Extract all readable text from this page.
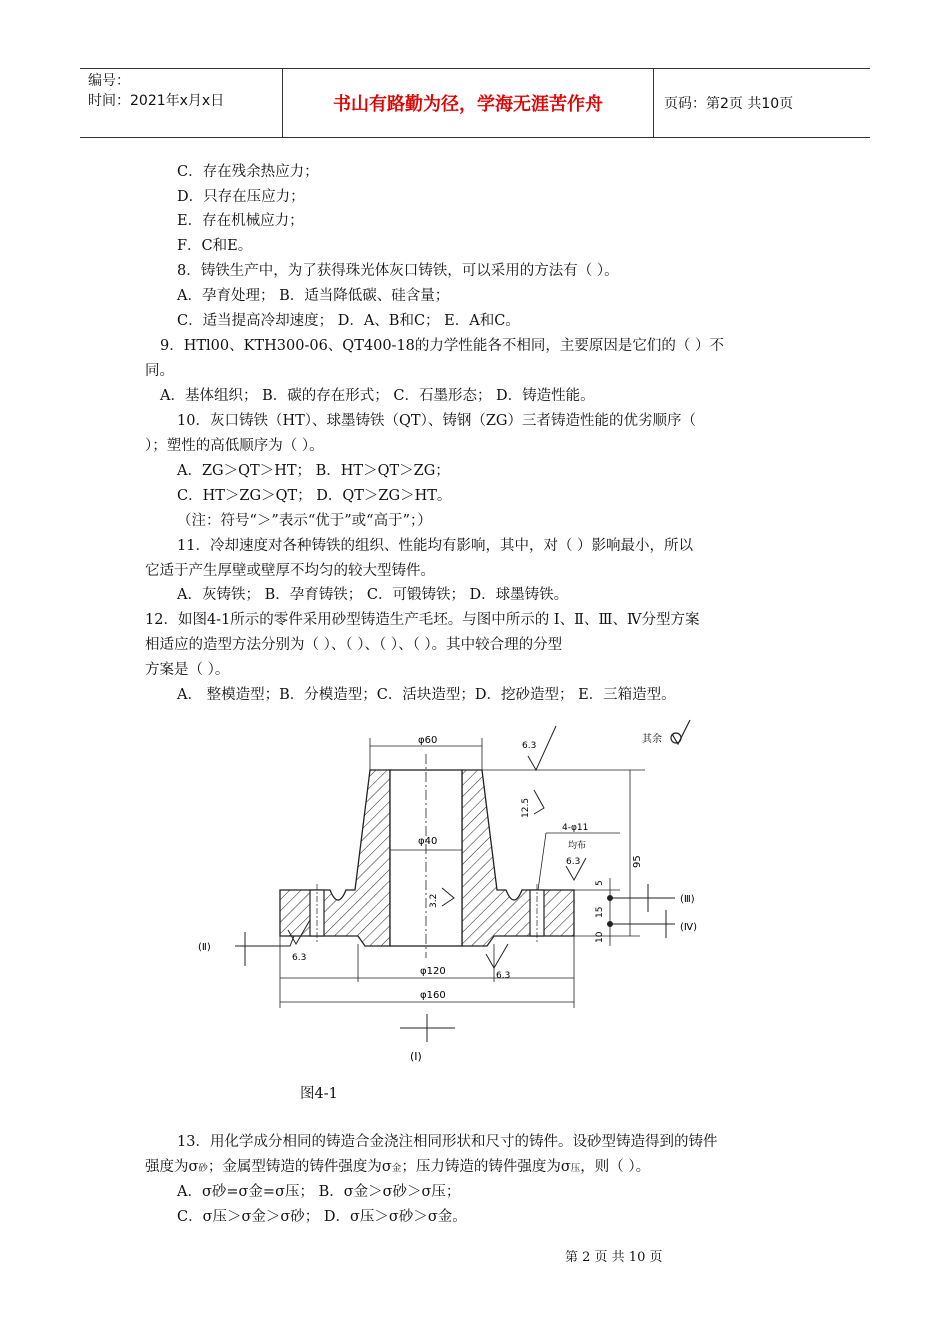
编号：
时间：2021年x月x日	书山有路勤为径，学海无涯苦作舟	页码：第2页 共10页
C．存在残余热应力；
D．只存在压应力；
E．存在机械应力；
F．C和E。
8．铸铁生产中，为了获得珠光体灰口铸铁，可以采用的方法有（ ）。
A．孕育处理； B．适当降低碳、硅含量；
C．适当提高冷却速度； D．A、B和C； E．A和C。
9．HTl00、KTH300-06、QT400-18的力学性能各不相同，主要原因是它们的（ ）不
同。
A．基体组织； B．碳的存在形式； C．石墨形态； D．铸造性能。
10．灰口铸铁（HT）、球墨铸铁（QT）、铸钢（ZG）三者铸造性能的优劣顺序（
）；塑性的高低顺序为（ ）。
A．ZG＞QT＞HT； B．HT＞QT＞ZG；
C．HT＞ZG＞QT； D．QT＞ZG＞HT。
（注：符号“＞”表示“优于”或“高于”；）
11．冷却速度对各种铸铁的组织、性能均有影响，其中，对（ ）影响最小，所以
它适于产生厚壁或壁厚不均匀的较大型铸件。
A．灰铸铁； B．孕育铸铁； C．可锻铸铁； D．球墨铸铁。
12．如图4-1所示的零件采用砂型铸造生产毛坯。与图中所示的 Ⅰ、Ⅱ、Ⅲ、Ⅳ分型方案
相适应的造型方法分别为（ ）、（ ）、（ ）、（ ）。其中较合理的分型
方案是（ ）。
A． 整模造型；B．分模造型；C．活块造型；D．挖砂造型； E．三箱造型。
φ60
φ40
φ120
φ160
95
5
15
10
(Ⅲ)
(Ⅳ)
(Ⅱ)
(Ⅰ)
6.3
12.5
4-φ11
均布
6.3
3.2
6.3
6.3
其余
图4-1
13．用化学成分相同的铸造合金浇注相同形状和尺寸的铸件。设砂型铸造得到的铸件
强度为σ砂；金属型铸造的铸件强度为σ金；压力铸造的铸件强度为σ压，则（ ）。
A．σ砂=σ金=σ压； B．σ金＞σ砂＞σ压；
C．σ压＞σ金＞σ砂； D．σ压＞σ砂＞σ金。
第 2 页 共 10 页
